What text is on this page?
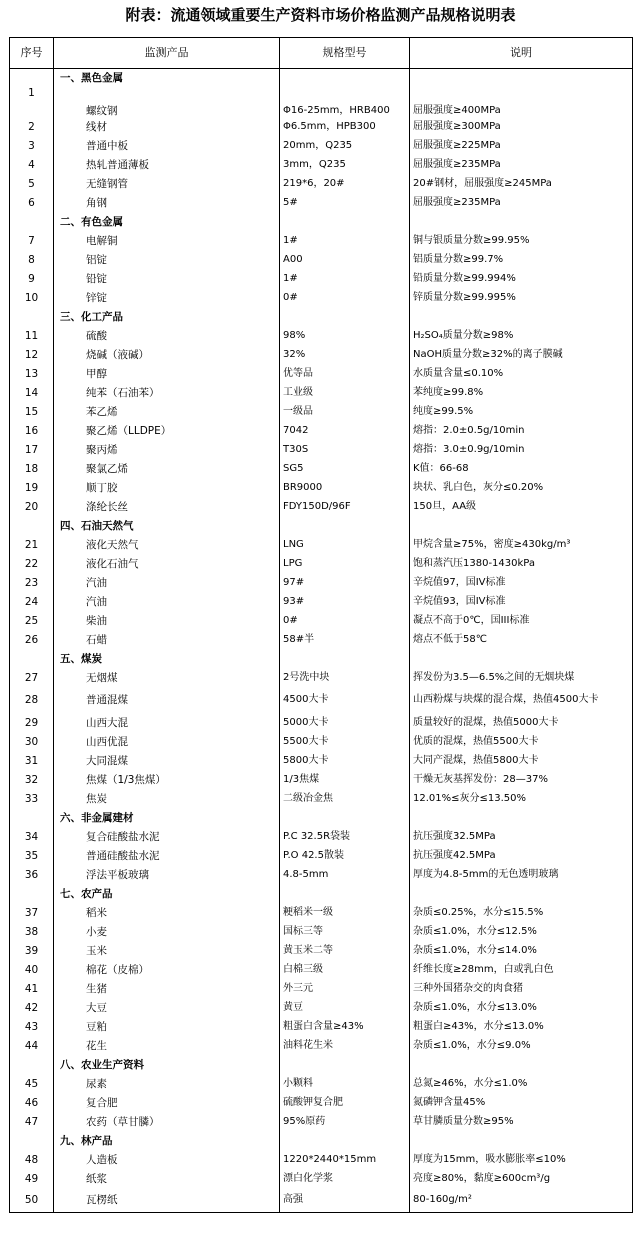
附表：流通领域重要生产资料市场价格监测产品规格说明表
序号	监测产品	规格型号	说明
	一、黑色金属		
1	螺纹钢	Φ16-25mm，HRB400	屈服强度≥400MPa
2	线材	Φ6.5mm，HPB300	屈服强度≥300MPa
3	普通中板	20mm，Q235	屈服强度≥225MPa
4	热轧普通薄板	3mm，Q235	屈服强度≥235MPa
5	无缝钢管	219*6，20#	20#钢材，屈服强度≥245MPa
6	角钢	5#	屈服强度≥235MPa
	二、有色金属		
7	电解铜	1#	铜与银质量分数≥99.95%
8	铝锭	A00	铝质量分数≥99.7%
9	铅锭	1#	铅质量分数≥99.994%
10	锌锭	0#	锌质量分数≥99.995%
	三、化工产品		
11	硫酸	98%	H₂SO₄质量分数≥98%
12	烧碱（液碱）	32%	NaOH质量分数≥32%的离子膜碱
13	甲醇	优等品	水质量含量≤0.10%
14	纯苯（石油苯）	工业级	苯纯度≥99.8%
15	苯乙烯	一级品	纯度≥99.5%
16	聚乙烯（LLDPE）	7042	熔指：2.0±0.5g/10min
17	聚丙烯	T30S	熔指：3.0±0.9g/10min
18	聚氯乙烯	SG5	K值：66-68
19	顺丁胶	BR9000	块状、乳白色，灰分≤0.20%
20	涤纶长丝	FDY150D/96F	150旦，AA级
	四、石油天然气		
21	液化天然气	LNG	甲烷含量≥75%，密度≥430kg/m³
22	液化石油气	LPG	饱和蒸汽压1380-1430kPa
23	汽油	97#	辛烷值97，国IV标准
24	汽油	93#	辛烷值93，国IV标准
25	柴油	0#	凝点不高于0℃，国III标准
26	石蜡	58#半	熔点不低于58℃
	五、煤炭		
27	无烟煤	2号洗中块	挥发份为3.5—6.5%之间的无烟块煤
28	普通混煤	4500大卡	山西粉煤与块煤的混合煤，热值4500大卡
29	山西大混	5000大卡	质量较好的混煤，热值5000大卡
30	山西优混	5500大卡	优质的混煤，热值5500大卡
31	大同混煤	5800大卡	大同产混煤，热值5800大卡
32	焦煤（1/3焦煤）	1/3焦煤	干燥无灰基挥发份：28—37%
33	焦炭	二级冶金焦	12.01%≤灰分≤13.50%
	六、非金属建材		
34	复合硅酸盐水泥	P.C 32.5R袋装	抗压强度32.5MPa
35	普通硅酸盐水泥	P.O 42.5散装	抗压强度42.5MPa
36	浮法平板玻璃	4.8-5mm	厚度为4.8-5mm的无色透明玻璃
	七、农产品		
37	稻米	粳稻米一级	杂质≤0.25%，水分≤15.5%
38	小麦	国标三等	杂质≤1.0%，水分≤12.5%
39	玉米	黄玉米二等	杂质≤1.0%，水分≤14.0%
40	棉花（皮棉）	白棉三级	纤维长度≥28mm，白或乳白色
41	生猪	外三元	三种外国猪杂交的肉食猪
42	大豆	黄豆	杂质≤1.0%，水分≤13.0%
43	豆粕	粗蛋白含量≥43%	粗蛋白≥43%，水分≤13.0%
44	花生	油料花生米	杂质≤1.0%，水分≤9.0%
	八、农业生产资料		
45	尿素	小颗料	总氮≥46%，水分≤1.0%
46	复合肥	硫酸钾复合肥	氮磷钾含量45%
47	农药（草甘膦）	95%原药	草甘膦质量分数≥95%
	九、林产品		
48	人造板	1220*2440*15mm	厚度为15mm，吸水膨胀率≤10%
49	纸浆	漂白化学浆	亮度≥80%，黏度≥600cm³/g
50	瓦楞纸	高强	80-160g/m²
